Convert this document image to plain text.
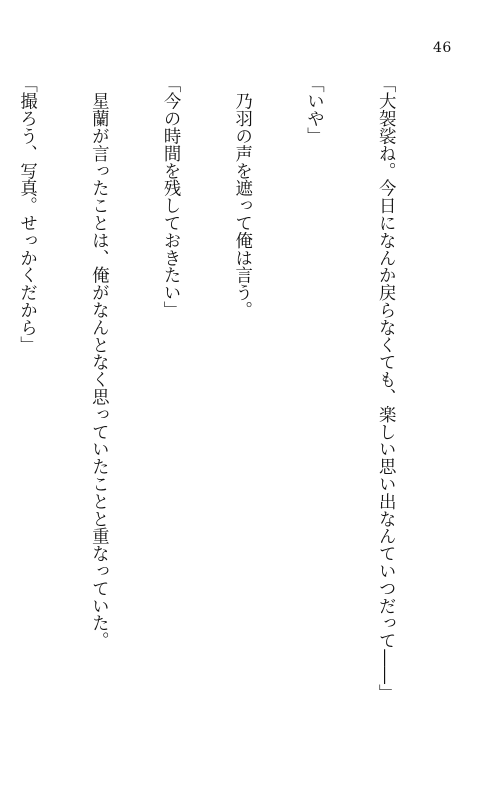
46

「大袈裟ね。今日になんか戻らなくても、楽しい思い出なんていつだって――」

「いや」

　乃羽の声を遮って俺は言う。

「今の時間を残しておきたい」

　星蘭が言ったことは、俺がなんとなく思っていたことと重なっていた。

「撮ろう、写真。せっかくだから」
